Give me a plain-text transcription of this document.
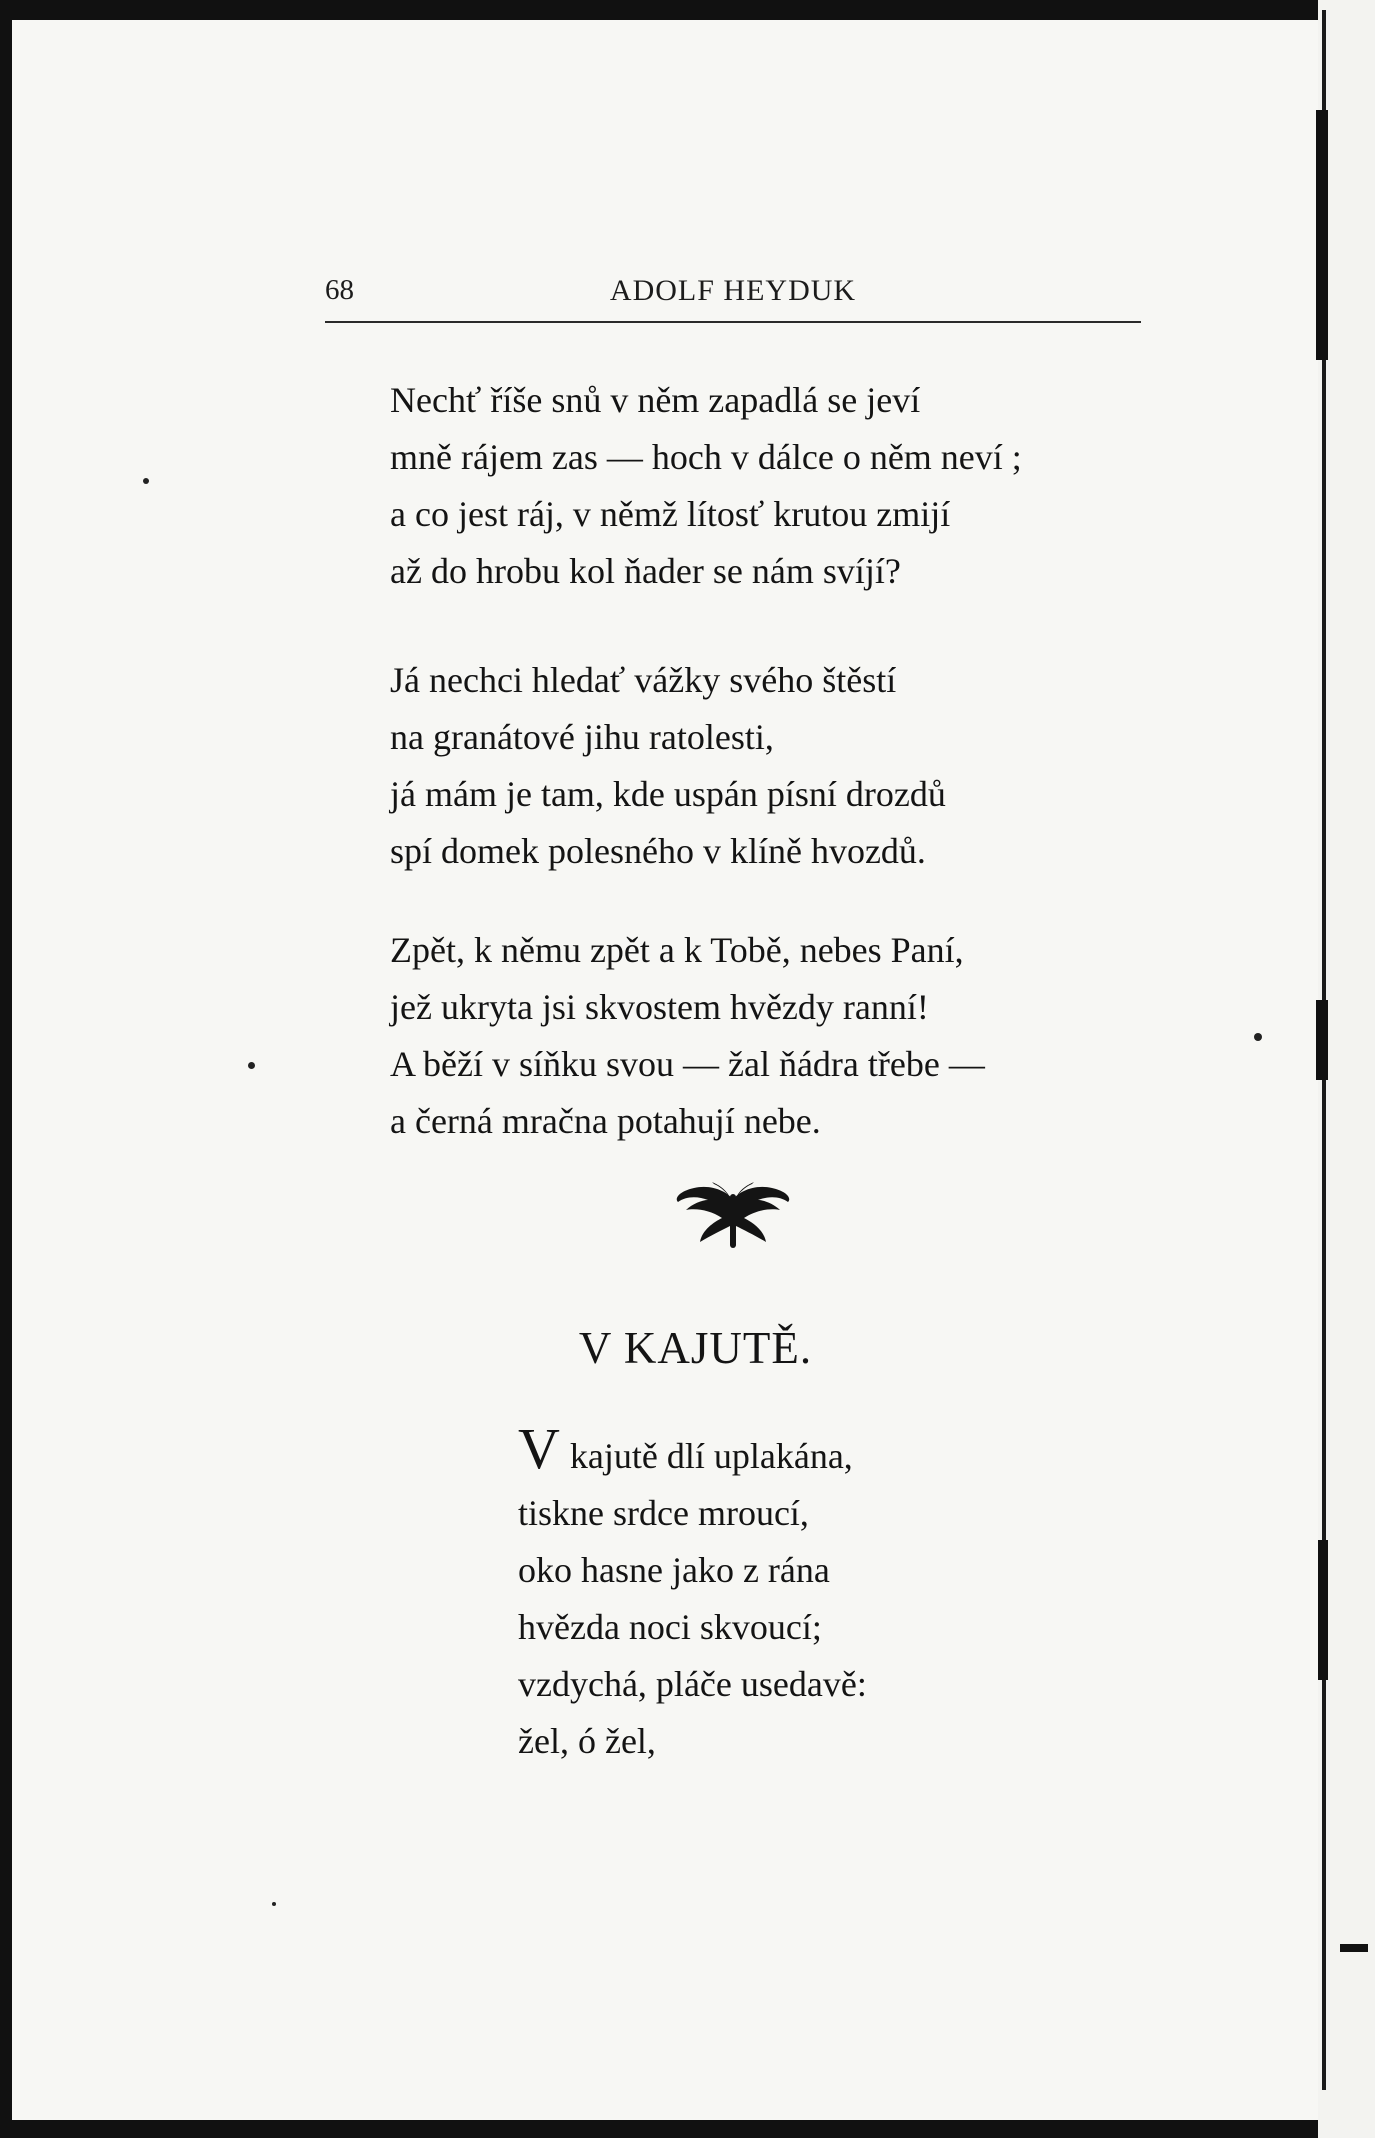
68	ADOLF HEYDUK
Nechť říše snů v něm zapadlá se jeví
mně rájem zas — hoch v dálce o něm neví ;
a co jest ráj, v němž lítosť krutou zmijí
až do hrobu kol ňader se nám svíjí?
Já nechci hledať vážky svého štěstí
na granátové jihu ratolesti,
já mám je tam, kde uspán písní drozdů
spí domek polesného v klíně hvozdů.
Zpět, k němu zpět a k Tobě, nebes Paní,
jež ukryta jsi skvostem hvězdy ranní!
A běží v síňku svou — žal ňádra třebe —
a černá mračna potahují nebe.
V KAJUTĚ.
Vkajutě dlí uplakána,
tiskne srdce mroucí,
oko hasne jako z rána
hvězda noci skvoucí;
vzdychá, pláče usedavě:
žel, ó žel,
